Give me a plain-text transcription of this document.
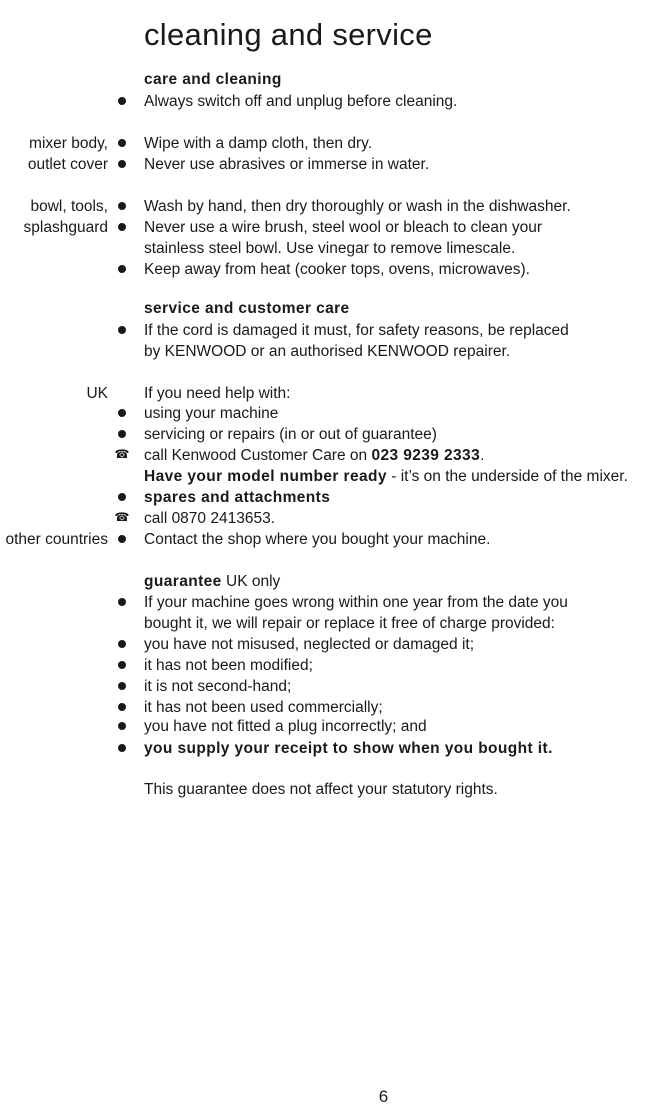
cleaning and service
care and cleaning
Always switch off and unplug before cleaning.
mixer body, Wipe with a damp cloth, then dry.
outlet cover Never use abrasives or immerse in water.
bowl, tools, Wash by hand, then dry thoroughly or wash in the dishwasher.
splashguard Never use a wire brush, steel wool or bleach to clean your
stainless steel bowl. Use vinegar to remove limescale.
Keep away from heat (cooker tops, ovens, microwaves).
service and customer care
If the cord is damaged it must, for safety reasons, be replaced
by KENWOOD or an authorised KENWOOD repairer.
UK If you need help with:
using your machine
servicing or repairs (in or out of guarantee)
☎ call Kenwood Customer Care on 023 9239 2333.
Have your model number ready - it’s on the underside of the mixer.
spares and attachments
☎ call 0870 2413653.
other countries Contact the shop where you bought your machine.
guarantee UK only
If your machine goes wrong within one year from the date you
bought it, we will repair or replace it free of charge provided:
you have not misused, neglected or damaged it;
it has not been modified;
it is not second-hand;
it has not been used commercially;
you have not fitted a plug incorrectly; and
you supply your receipt to show when you bought it.
This guarantee does not affect your statutory rights.
6
